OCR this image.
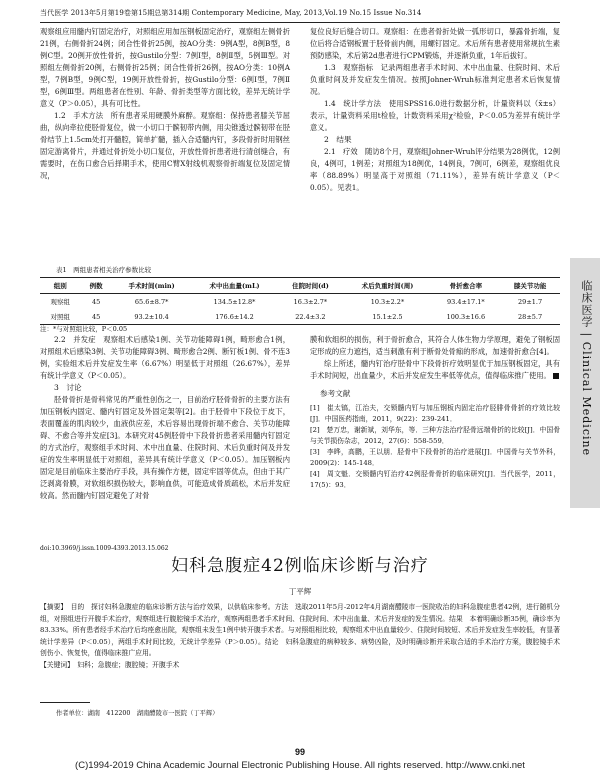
当代医学 2013年5月第19卷第15期总第314期 Contemporary Medicine, May, 2013,Vol.19 No.15 Issue No.314

观察组应用髓内钉固定治疗，对照组应用加压钢板固定治疗，观察组左侧骨折21例，右侧骨折24例；闭合性骨折25例，按AO分类：9例A型，8例B型，8例C型。20例开放性骨折，按Gustilo分型：7例Ⅰ型，8例Ⅱ型，5例Ⅲ型。对照组左侧骨折20例，右侧骨折25例；闭合性骨折26例，按AO分类：10例A型，7例B型，9例C型，19例开放性骨折，按Gustilo分型：6例Ⅰ型，7例Ⅱ型，6例Ⅲ型。两组患者在性别、年龄、骨折类型等方面比较，差异无统计学意义（P＞0.05），具有可比性。

1.2　手术方法　所有患者采用硬膜外麻醉。观察组：保持患者膝关节屈曲，纵向牵拉使胫骨复位，做一小切口于髌韧带内侧，用尖锥透过髌韧带在胫骨结节上1.5cm处打开髓腔，简单扩髓，插入合适髓内钉，多段骨折时用钢丝固定游离骨片，并通过骨折处小切口复位，开放性骨折患者进行清创缝合，有需要时，在伤口愈合后择期手术，使用C臂X射线机观察骨折端复位及固定情况，

复位良好后缝合切口。观察组：在患者骨折处做一弧形切口，暴露骨折端，复位后将合适钢板置于胫骨前内侧，用螺钉固定。术后所有患者使用常规抗生素预防感染，术后第2d患者进行CPM锻炼，并逐渐负重，1年后拔钉。

1.3　观察指标　记录两组患者手术时间、术中出血量、住院时间、术后负重时间及并发症发生情况。按照Johner-Wruh标准判定患者术后恢复情况。

1.4　统计学方法　使用SPSS16.0进行数据分析，计量资料以（x̄±s）表示，计量资料采用t检验，计数资料采用χ²检验，P＜0.05为差异有统计学意义。

2　结果

2.1　疗效　随访8个月，观察组Johner-Wruh评分结果为28例优，12例良，4例可，1例差；对照组为18例优，14例良，7例可，6例差，观察组优良率（88.89%）明显高于对照组（71.11%），差异有统计学意义（P＜0.05）。见表1。

表1　两组患者相关治疗参数比较
组别	例数	手术时间(min)	术中出血量(mL)	住院时间(d)	术后负重时间(周)	骨折愈合率	膝关节功能
观察组	45	65.6±8.7*	134.5±12.8*	16.3±2.7*	10.3±2.2*	93.4±17.1*	29±1.7
对照组	45	93.2±10.4	176.6±14.2	22.4±3.2	15.1±2.5	100.3±16.6	28±5.7
注：*与对照组比较，P＜0.05

2.2　并发症　观察组术后感染1例、关节功能障碍1例，畸形愈合1例，对照组术后感染3例、关节功能障碍3例、畸形愈合2例、断钉板1例、骨不连3例，实验组术后并发症发生率（6.67%）明显低于对照组（26.67%），差异有统计学意义（P＜0.05）。

3　讨论

胫骨骨折是骨科常见的严重性创伤之一，目前治疗胫骨骨折的主要方法有加压钢板内固定、髓内钉固定及外固定架等[2]。由于胫骨中下段位于皮下，表面覆盖的肌肉较少，血液供应差，术后容易出现骨折端不愈合、关节功能障碍、不愈合等并发症[3]。本研究对45例胫骨中下段骨折患者采用髓内钉固定的方式治疗，观察组手术时间、术中出血量、住院时间、术后负重时间及并发症的发生率明显低于对照组，差异具有统计学意义（P＜0.05）。加压钢板内固定是目前临床主要治疗手段，具有操作方便，固定牢固等优点，但由于其广泛剥离骨膜，对软组织损伤较大，影响血供，可能造成骨质疏松，术后并发症较高。然而髓内钉固定避免了对骨

膜和软组织的损伤，利于骨折愈合，其符合人体生物力学原理，避免了钢板固定形成的应力遮挡，适当刺激有利于断骨处骨痂的形成，加速骨折愈合[4]。

综上所述，髓内钉治疗胫骨中下段骨折疗效明显优于加压钢板固定，具有手术时间短，出血量少，术后并发症发生率低等优点，值得临床推广使用。

参考文献

[1]　崔太镐，江治夫，交锁髓内钉与加压钢板内固定治疗胫腓骨骨折的疗效比较[J]．中国医药指南，2011，9(22)：239-241．

[2]　楚万忠，谢新斌，刘华东，等．三种方法治疗胫骨远端骨折的比较[J]．中国骨与关节损伤杂志，2012，27(6)：558-559．

[3]　李晔，高鹏，王以朋．胫骨中下段骨折的治疗进展[J]．中国骨与关节外科，2009(2)：145-148．

[4]　周文魁．交锁髓内钉治疗42例胫骨骨折的临床研究[J]．当代医学，2011，17(5)：93．

doi:10.3969/j.issn.1009-4393.2013.15.062
妇科急腹症42例临床诊断与治疗
丁平辉

【摘要】　目的　探讨妇科急腹症的临床诊断方法与治疗效果，以供临床参考。方法　选取2011年5月-2012年4月湖南醴陵市一医院收治的妇科急腹症患者42例，进行随机分组，对照组进行开腹手术治疗，观察组进行腹腔镜手术治疗，观察两组患者手术时间、住院时间、术中出血量、术后并发症的发生情况。结果　本着明确诊断35例，确诊率为83.33%。所有患者经手术治疗后均痊愈出院，观察组未发生1例中转开腹手术者。与对照组相比较，观察组术中出血量较少、住院时间较短、术后并发症发生率较低，有显著统计学差异（P＜0.05），两组手术时间比较，无统计学差异（P＞0.05）。结论　妇科急腹症的病种较多、病势凶险，及时明确诊断并采取合适的手术治疗方案，腹腔镜手术创伤小、恢复快，值得临床推广应用。

【关键词】　妇科；急腹症；腹腔镜；开腹手术

作者单位：湖南　412200　湖南醴陵市一医院（丁平辉）
99
(C)1994-2019 China Academic Journal Electronic Publishing House. All rights reserved. http://www.cnki.net
临床医学 | Clinical Medicine
